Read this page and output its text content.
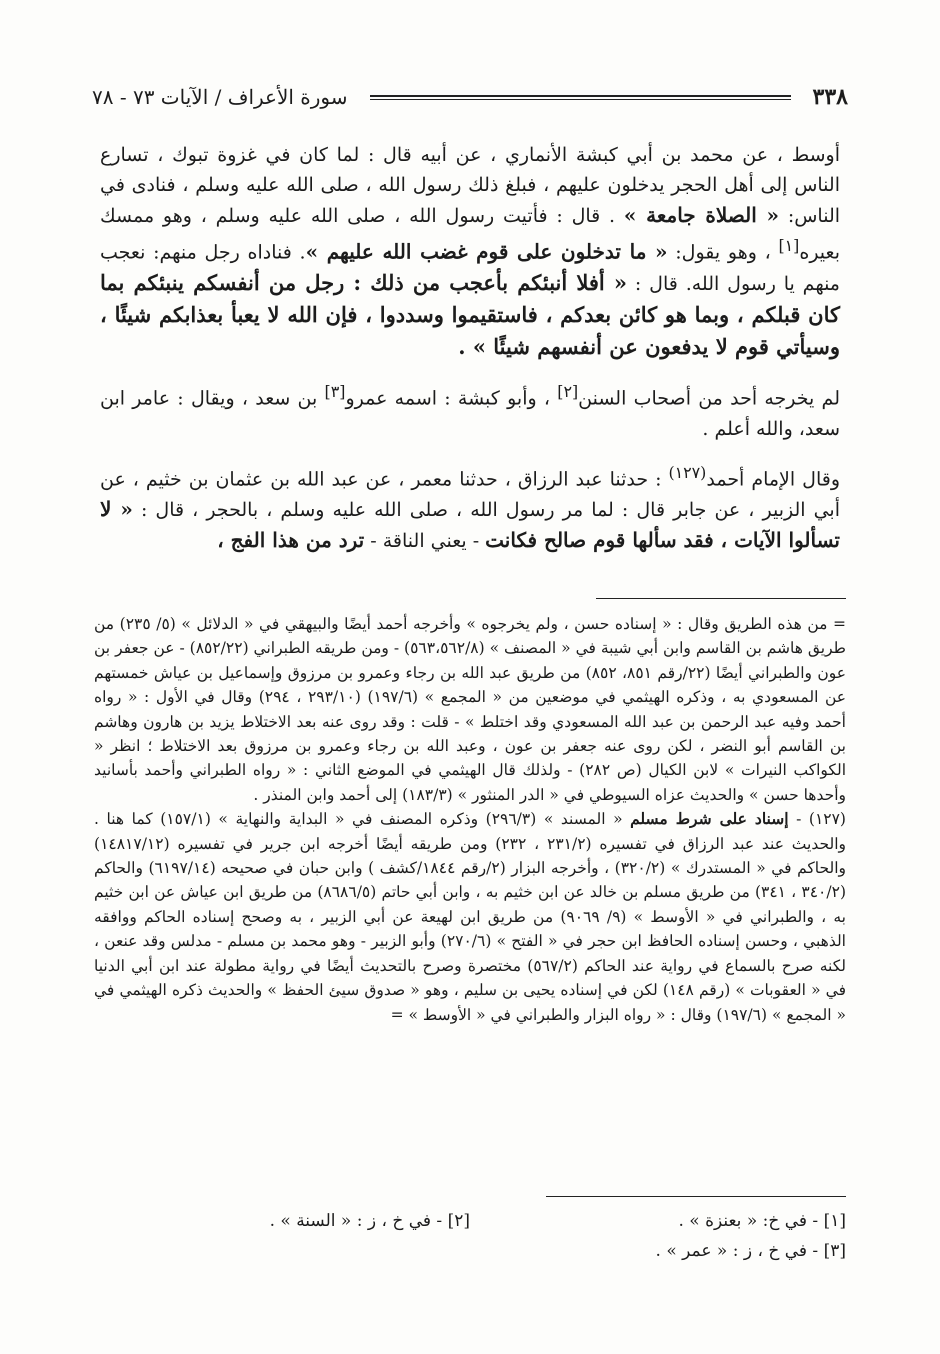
٣٣٨
سورة الأعراف / الآيات ٧٣ - ٧٨

أوسط ، عن محمد بن أبي كبشة الأنماري ، عن أبيه قال : لما كان في غزوة تبوك ، تسارع الناس إلى أهل الحجر يدخلون عليهم ، فبلغ ذلك رسول الله ، صلى الله عليه وسلم ، فنادى في الناس: « الصلاة جامعة » . قال : فأتيت رسول الله ، صلى الله عليه وسلم ، وهو ممسك بعيره[١] ، وهو يقول: « ما تدخلون على قوم غضب الله عليهم ». فناداه رجل منهم: نعجب منهم يا رسول الله. قال : « أفلا أنبئكم بأعجب من ذلك : رجل من أنفسكم ينبئكم بما كان قبلكم ، وبما هو كائن بعدكم ، فاستقيموا وسددوا ، فإن الله لا يعبأ بعذابكم شيئًا ، وسيأتي قوم لا يدفعون عن أنفسهم شيئًا » .

لم يخرجه أحد من أصحاب السنن[٢] ، وأبو كبشة : اسمه عمرو[٣] بن سعد ، ويقال : عامر ابن سعد، والله أعلم .

وقال الإمام أحمد$^{(١٢٧)}$ : حدثنا عبد الرزاق ، حدثنا معمر ، عن عبد الله بن عثمان بن خثيم ، عن أبي الزبير ، عن جابر قال : لما مر رسول الله ، صلى الله عليه وسلم ، بالحجر ، قال : « لا تسألوا الآيات ، فقد سألها قوم صالح فكانت - يعني الناقة - ترد من هذا الفج ،

= من هذه الطريق وقال : « إسناده حسن ، ولم يخرجوه » وأخرجه أحمد أيضًا والبيهقي في « الدلائل » (٥/ ٢٣٥) من طريق هاشم بن القاسم وابن أبي شيبة في « المصنف » (٥٦٣،٥٦٢/٨) - ومن طريقه الطبراني (٨٥٢/٢٢) - عن جعفر بن عون والطبراني أيضًا (٢٢/رقم ٨٥١، ٨٥٢) من طريق عبد الله بن رجاء وعمرو بن مرزوق وإسماعيل بن عياش خمستهم عن المسعودي به ، وذكره الهيثمي في موضعين من « المجمع » (١٩٧/٦) (٢٩٣/١٠ ، ٢٩٤) وقال في الأول : « رواه أحمد وفيه عبد الرحمن بن عبد الله المسعودي وقد اختلط » - قلت : وقد روى عنه بعد الاختلاط يزيد بن هارون وهاشم بن القاسم أبو النضر ، لكن روى عنه جعفر بن عون ، وعبد الله بن رجاء وعمرو بن مرزوق بعد الاختلاط ؛ انظر « الكواكب النيرات » لابن الكيال (ص ٢٨٢) - ولذلك قال الهيثمي في الموضع الثاني : « رواه الطبراني وأحمد بأسانيد وأحدها حسن » والحديث عزاه السيوطي في « الدر المنثور » (١٨٣/٣) إلى أحمد وابن المنذر .

(١٢٧) - إسناد على شرط مسلم « المسند » (٢٩٦/٣) وذكره المصنف في « البداية والنهاية » (١٥٧/١) كما هنا . والحديث عند عبد الرزاق في تفسيره (٢٣١/٢ ، ٢٣٢) ومن طريقه أيضًا أخرجه ابن جرير في تفسيره (١٤٨١٧/١٢) والحاكم في « المستدرك » (٣٢٠/٢) ، وأخرجه البزار (٢/رقم ١٨٤٤/كشف ) وابن حبان في صحيحه (٦١٩٧/١٤) والحاكم (٣٤٠/٢ ، ٣٤١) من طريق مسلم بن خالد عن ابن خثيم به ، وابن أبي حاتم (٨٦٨٦/٥) من طريق ابن عياش عن ابن خثيم به ، والطبراني في « الأوسط » (٩/ ٩٠٦٩) من طريق ابن لهيعة عن أبي الزبير ، به وصحح إسناده الحاكم ووافقه الذهبي ، وحسن إسناده الحافظ ابن حجر في « الفتح » (٢٧٠/٦) وأبو الزبير - وهو محمد بن مسلم - مدلس وقد عنعن ، لكنه صرح بالسماع في رواية عند الحاكم (٥٦٧/٢) مختصرة وصرح بالتحديث أيضًا في رواية مطولة عند ابن أبي الدنيا في « العقوبات » (رقم ١٤٨) لكن في إسناده يحيى بن سليم ، وهو « صدوق سيئ الحفظ » والحديث ذكره الهيثمي في « المجمع » (١٩٧/٦) وقال : « رواه البزار والطبراني في « الأوسط » =

[١] - في خ: « بعنزة » .
[٢] - في خ ، ز : « السنة » .
[٣] - في خ ، ز : « عمر » .
